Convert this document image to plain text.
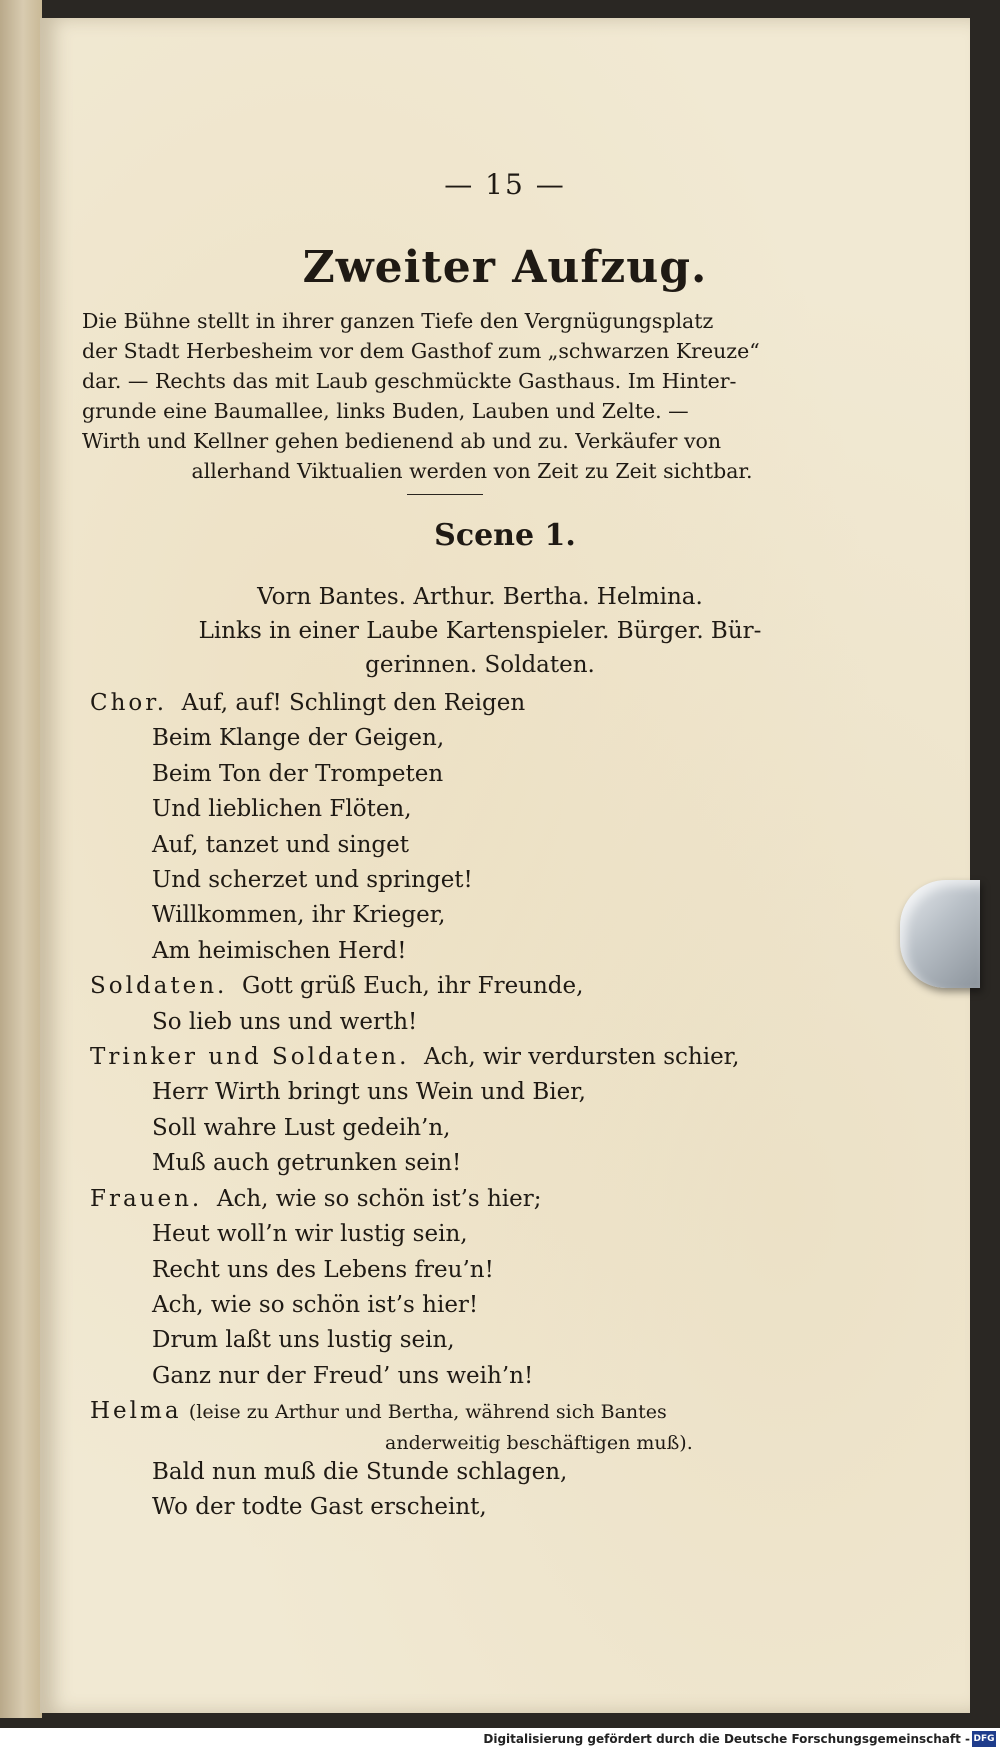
— 15 —
Zweiter Aufzug.
Die Bühne stellt in ihrer ganzen Tiefe den Vergnügungsplatz
der Stadt Herbesheim vor dem Gasthof zum „schwarzen Kreuze“
dar. — Rechts das mit Laub geschmückte Gasthaus. Im Hinter-
grunde eine Baumallee, links Buden, Lauben und Zelte. —
Wirth und Kellner gehen bedienend ab und zu. Verkäufer von
allerhand Viktualien werden von Zeit zu Zeit sichtbar.
Scene 1.
Vorn Bantes. Arthur. Bertha. Helmina.
Links in einer Laube Kartenspieler. Bürger. Bür-
gerinnen. Soldaten.
Chor. Auf, auf! Schlingt den Reigen
Beim Klange der Geigen,
Beim Ton der Trompeten
Und lieblichen Flöten,
Auf, tanzet und singet
Und scherzet und springet!
Willkommen, ihr Krieger,
Am heimischen Herd!
Soldaten. Gott grüß Euch, ihr Freunde,
So lieb uns und werth!
Trinker und Soldaten. Ach, wir verdursten schier,
Herr Wirth bringt uns Wein und Bier,
Soll wahre Lust gedeih’n,
Muß auch getrunken sein!
Frauen. Ach, wie so schön ist’s hier;
Heut woll’n wir lustig sein,
Recht uns des Lebens freu’n!
Ach, wie so schön ist’s hier!
Drum laßt uns lustig sein,
Ganz nur der Freud’ uns weih’n!
Helma (leise zu Arthur und Bertha, während sich Bantes
anderweitig beschäftigen muß).
Bald nun muß die Stunde schlagen,
Wo der todte Gast erscheint,
Digitalisierung gefördert durch die Deutsche Forschungsgemeinschaft - DFG
